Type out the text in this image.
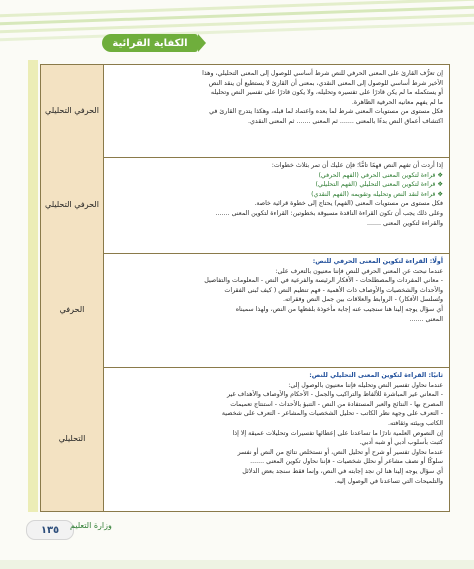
الكفاية القرائية
الحرفي التحليلي

إن تعرُّف القارئ على المعنى الحرفي للنص شرط أساسي للوصول إلى المعنى التحليلي، وهذا

الأخير شرط أساسي للوصول إلى المعنى النقدي، بمعنى أن القارئ لا يستطيع أن ينقد النص

أو يستكمله ما لم يكن قادرًا على تفسيره وتحليله، ولا يكون قادرًا على تفسير النص وتحليله

ما لم يفهم معانيه الحرفية الظاهرة.

فكل مستوى من مستويات المعنى شرط لما بعده واعتماد لما قبله، وهكذا يتدرج القارئ في

اكتشاف أعماق النص بدءًا بالمعنى ....... ثم المعنى ....... ثم المعنى النقدي.

الحرفي التحليلي

إذا أردت أن تفهم النص فهمًا تامًّا؛ فإن عليك أن تمر بثلاث خطوات:

❖ قراءة لتكوين المعنى الحرفي (الفهم الحرفي)

❖ قراءة لتكوين المعنى التحليلي (الفهم التحليلي)

❖ قراءة لنقد النص وتحليله وتقويمه (الفهم النقدي)

فكل مستوى من مستويات المعنى (الفهم) يحتاج إلى خطوة قرائية خاصة.

وعلى ذلك يجب أن تكون القراءة الناقدة مسبوقة بخطوتين: القراءة لتكوين المعنى .......

والقراءة لتكوين المعنى .......

الحرفي

أولًا: القراءة لتكوين المعنى الحرفي للنص:

عندما نبحث عن المعنى الحرفي للنص فإننا معنيون بالتعرف على:

- معاني المفردات والمصطلحات - الأفكار الرئيسة والفرعية في النص - المعلومات والتفاصيل

والأحداث والشخصيات والأوصاف ذات الأهمية - فهم تنظيم النص ( كيف تُبنى الفقرات

وتُسلسل الأفكار) - الروابط والعلاقات بين جمل النص وفقراته.

أي سؤال يوجه إلينا هنا سنجيب عنه إجابة مأخوذة بلفظها من النص، ولهذا سميناه

المعنى .......

التحليلي

ثانيًا: القراءة لتكوين المعنى التحليلي للنص:

عندما نحاول تفسير النص وتحليله فإننا معنيون بالوصول إلى:

- المعاني غير المباشرة للألفاظ والتراكيب والجمل - الأحكام والأوصاف والأهداف غير

المصرح بها - النتائج والعبر المستفادة من النص - التنبؤ بالأحداث - استنتاج تعميمات

- التعرف على وجهة نظر الكاتب - تحليل الشخصيات والمشاعر - التعرف على شخصية

الكاتب وبيئته وثقافته.

إن النصوص العلمية نادرًا ما تساعدنا على إعطائها تفسيرات وتحليلات عميقة إلا إذا

كتبت بأسلوب أدبي أو شبه أدبي.

عندما نحاول تفسير أو شرح أو تحليل النص، أو نستخلص نتائج من النص أو نفسر

سلوكًا أو نصف مشاعر أو نحلل شخصيات - فإننا نحاول تكوين المعنى .......

أي سؤال يوجه إلينا هنا لن نجد إجابته في النص، وإنما فقط سنجد بعض الدلائل

والتلميحات التي تساعدنا في الوصول إليه.

١٣٥	وزارة التعليم
